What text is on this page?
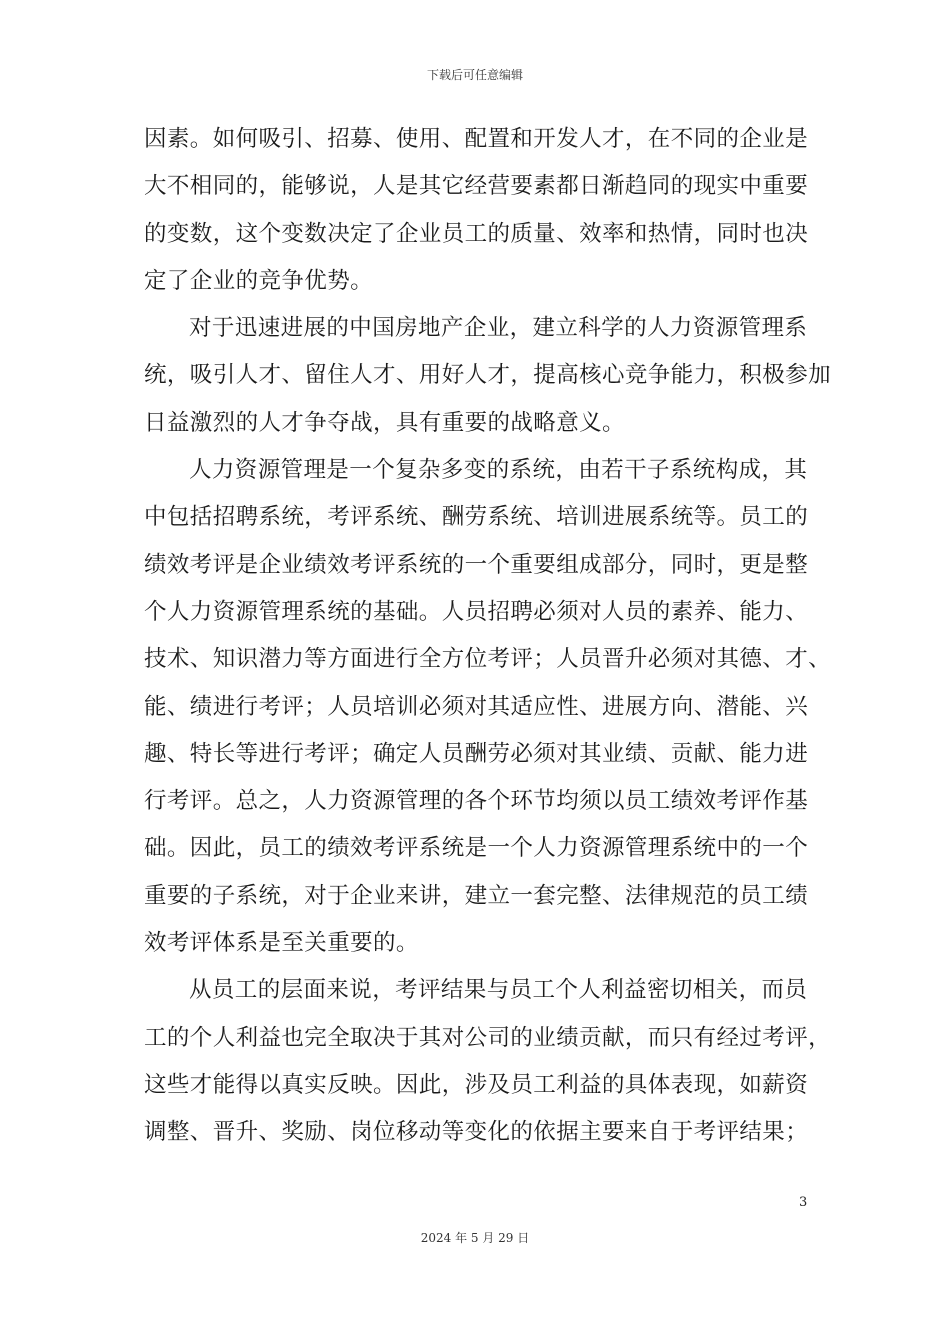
下载后可任意编辑
因素。如何吸引、招募、使用、配置和开发人才，在不同的企业是
大不相同的，能够说，人是其它经营要素都日渐趋同的现实中重要
的变数，这个变数决定了企业员工的质量、效率和热情，同时也决
定了企业的竞争优势。
对于迅速进展的中国房地产企业，建立科学的人力资源管理系
统，吸引人才、留住人才、用好人才，提高核心竞争能力，积极参加
日益激烈的人才争夺战，具有重要的战略意义。
人力资源管理是一个复杂多变的系统，由若干子系统构成，其
中包括招聘系统，考评系统、酬劳系统、培训进展系统等。员工的
绩效考评是企业绩效考评系统的一个重要组成部分，同时，更是整
个人力资源管理系统的基础。人员招聘必须对人员的素养、能力、
技术、知识潜力等方面进行全方位考评；人员晋升必须对其德、才、
能、绩进行考评；人员培训必须对其适应性、进展方向、潜能、兴
趣、特长等进行考评；确定人员酬劳必须对其业绩、贡献、能力进
行考评。总之，人力资源管理的各个环节均须以员工绩效考评作基
础。因此，员工的绩效考评系统是一个人力资源管理系统中的一个
重要的子系统，对于企业来讲，建立一套完整、法律规范的员工绩
效考评体系是至关重要的。
从员工的层面来说，考评结果与员工个人利益密切相关，而员
工的个人利益也完全取决于其对公司的业绩贡献，而只有经过考评，
这些才能得以真实反映。因此，涉及员工利益的具体表现，如薪资
调整、晋升、奖励、岗位移动等变化的依据主要来自于考评结果；
3
2024 年 5 月 29 日
